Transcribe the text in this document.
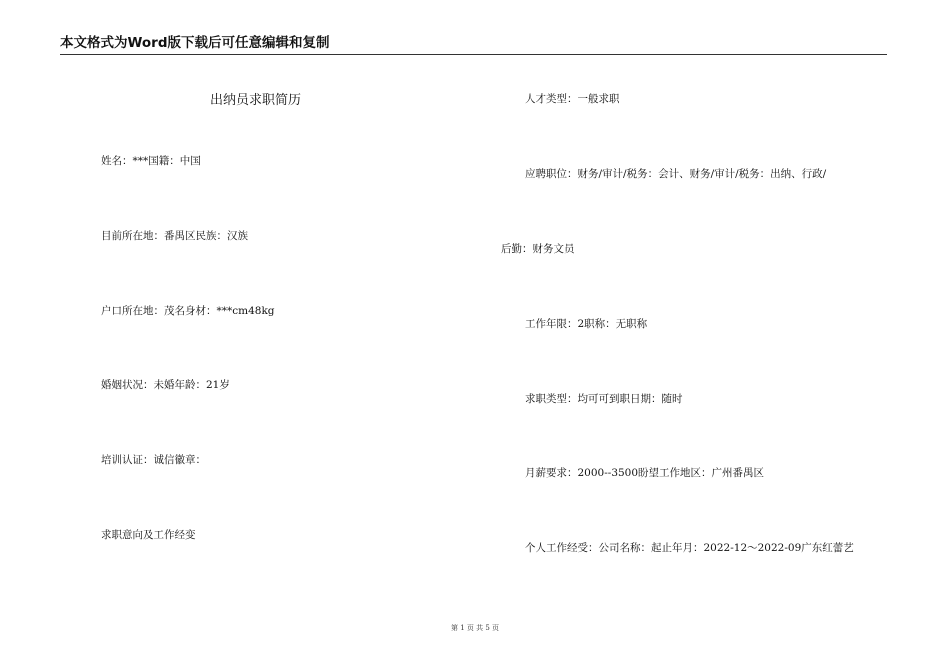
本文格式为Word版下载后可任意编辑和复制
出纳员求职简历
姓名：***国籍：中国
目前所在地：番禺区民族：汉族
户口所在地：茂名身材：***cm48kg
婚姻状况：未婚年龄：21岁
培训认证：诚信徽章：
求职意向及工作经变
人才类型：一般求职
应聘职位：财务/审计/税务：会计、财务/审计/税务：出纳、行政/
后勤：财务文员
工作年限：2职称：无职称
求职类型：均可可到职日期：随时
月薪要求：2000--3500盼望工作地区：广州番禺区
个人工作经受：公司名称：起止年月：2022-12～2022-09广东红蕾艺
第 1 页 共 5 页
